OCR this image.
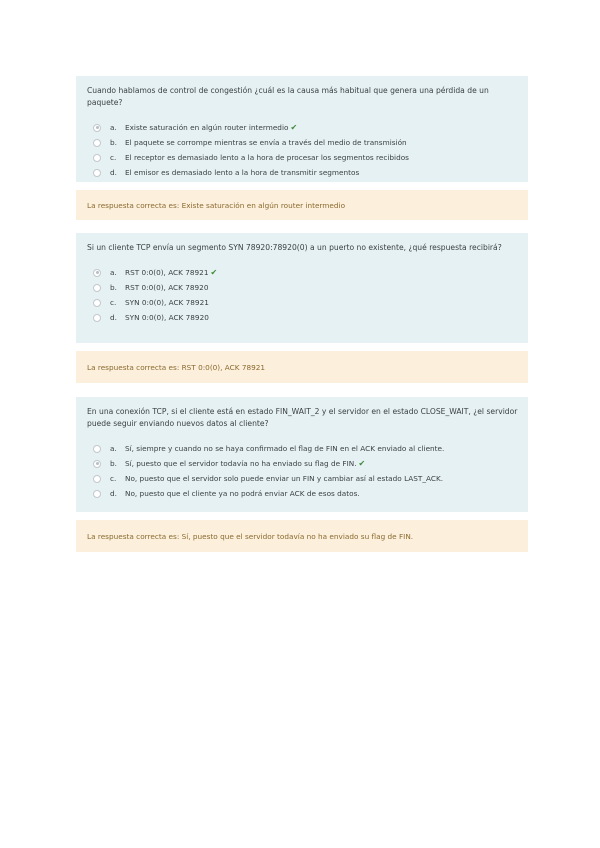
Cuando hablamos de control de congestión ¿cuál es la causa más habitual que genera una pérdida de un paquete?

a.	Existe saturación en algún router intermedio ✔
b.	El paquete se corrompe mientras se envía a través del medio de transmisión
c.	El receptor es demasiado lento a la hora de procesar los segmentos recibidos
d.	El emisor es demasiado lento a la hora de transmitir segmentos
La respuesta correcta es: Existe saturación en algún router intermedio

Si un cliente TCP envía un segmento SYN 78920:78920(0) a un puerto no existente, ¿qué respuesta recibirá?

a.	RST 0:0(0), ACK 78921 ✔
b.	RST 0:0(0), ACK 78920
c.	SYN 0:0(0), ACK 78921
d.	SYN 0:0(0), ACK 78920
La respuesta correcta es: RST 0:0(0), ACK 78921

En una conexión TCP, si el cliente está en estado FIN_WAIT_2 y el servidor en el estado CLOSE_WAIT, ¿el servidor puede seguir enviando nuevos datos al cliente?

a.	Sí, siempre y cuando no se haya confirmado el flag de FIN en el ACK enviado al cliente.
b.	Sí, puesto que el servidor todavía no ha enviado su flag de FIN. ✔
c.	No, puesto que el servidor solo puede enviar un FIN y cambiar así al estado LAST_ACK.
d.	No, puesto que el cliente ya no podrá enviar ACK de esos datos.
La respuesta correcta es: Sí, puesto que el servidor todavía no ha enviado su flag de FIN.
